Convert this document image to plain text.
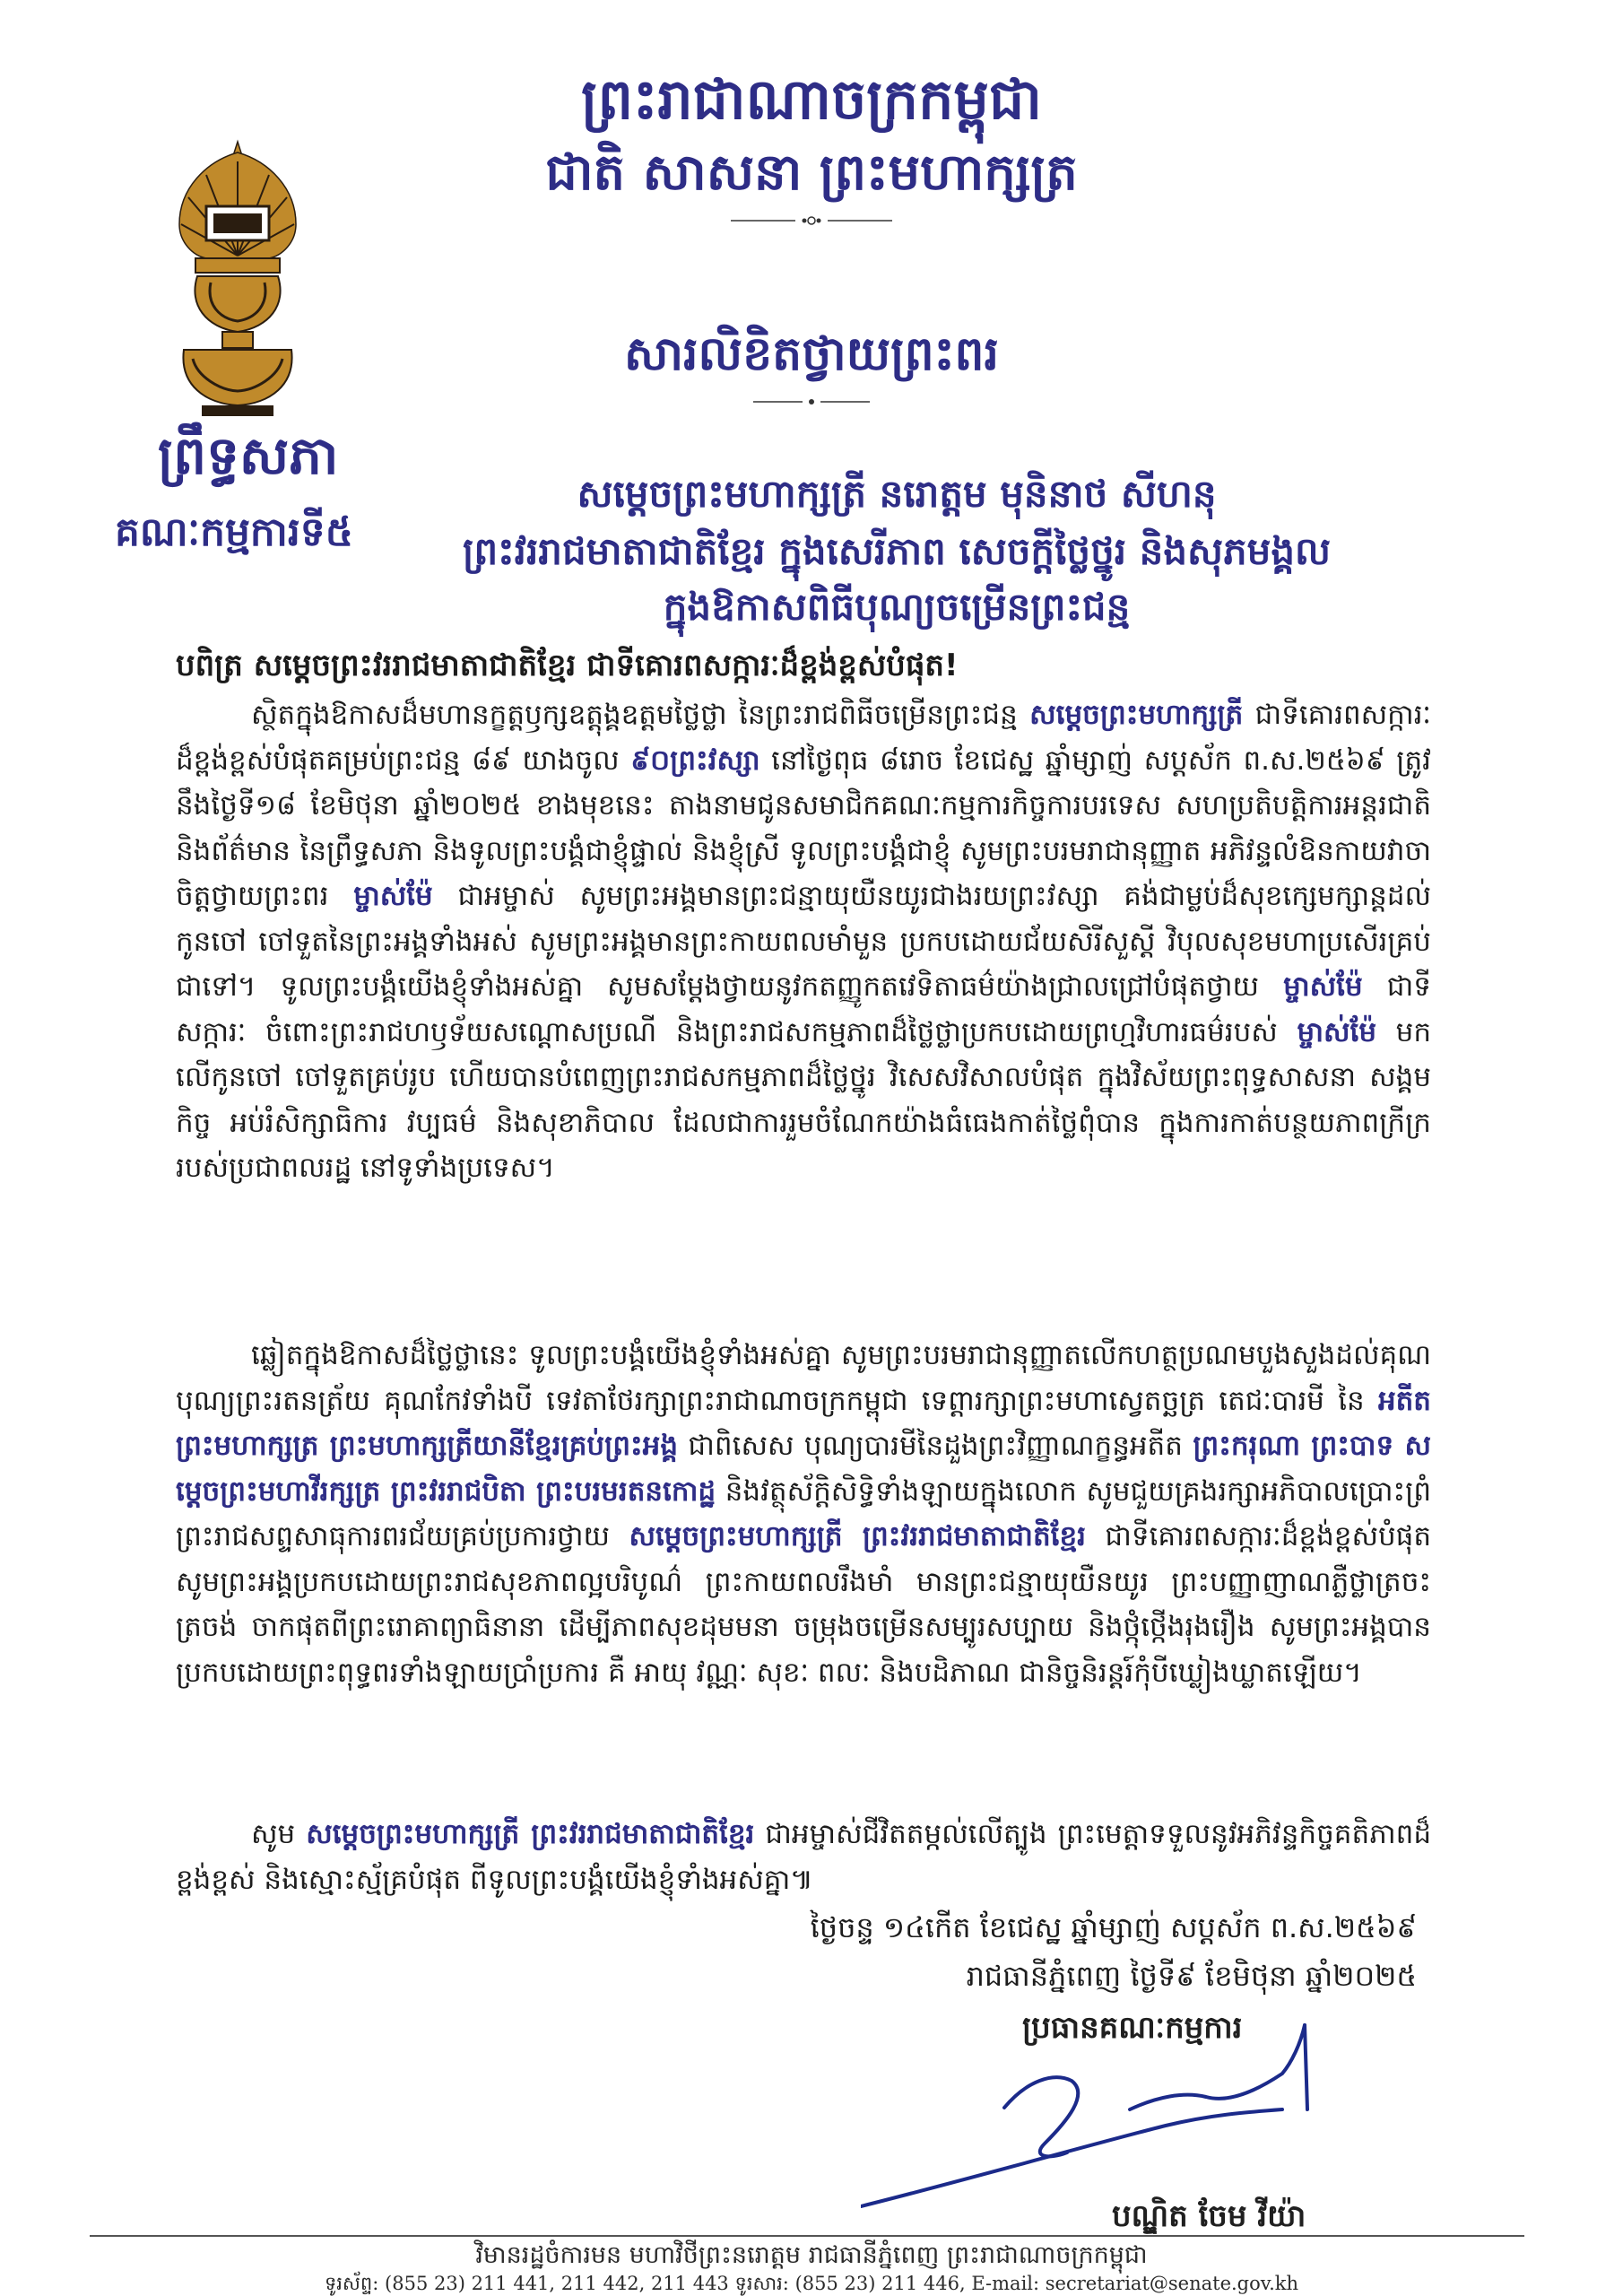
ព្រះរាជាណាចក្រកម្ពុជា
ជាតិ សាសនា ព្រះមហាក្សត្រ
ព្រឹទ្ធសភា
គណៈកម្មការទី៥
សារលិខិតថ្វាយព្រះពរ
សម្តេចព្រះមហាក្សត្រី នរោត្តម មុនិនាថ សីហនុ
ព្រះវររាជមាតាជាតិខ្មែរ ក្នុងសេរីភាព សេចក្តីថ្លៃថ្នូរ និងសុភមង្គល
ក្នុងឱកាសពិធីបុណ្យចម្រើនព្រះជន្ម
បពិត្រ សម្តេចព្រះវររាជមាតាជាតិខ្មែរ ជាទីគោរពសក្ការៈដ៏ខ្ពង់ខ្ពស់បំផុត!
ស្ថិតក្នុងឱកាសដ៏មហានក្ខត្តឫក្សឧត្តុង្គឧត្តមថ្លៃថ្លា នៃព្រះរាជពិធីចម្រើនព្រះជន្ម សម្តេចព្រះមហាក្សត្រី ជាទីគោរពសក្ការៈដ៏ខ្ពង់ខ្ពស់បំផុតគម្រប់ព្រះជន្ម ៨៩ យាងចូល ៩០ព្រះវស្សា នៅថ្ងៃពុធ ៨រោច ខែជេស្ឋ ឆ្នាំម្សាញ់ សប្តស័ក ព.ស.២៥៦៩ ត្រូវនឹងថ្ងៃទី១៨ ខែមិថុនា ឆ្នាំ២០២៥ ខាងមុខនេះ តាងនាមជូនសមាជិកគណៈកម្មការកិច្ចការបរទេស សហប្រតិបត្តិការអន្តរជាតិ និងព័ត៌មាន នៃព្រឹទ្ធសភា និងទូលព្រះបង្គំជាខ្ញុំផ្ទាល់ និងខ្ញុំស្រី ទូលព្រះបង្គំជាខ្ញុំ សូមព្រះបរមរាជានុញ្ញាត អភិវន្ទលំឱនកាយវាចាចិត្តថ្វាយព្រះពរ ម្ចាស់ម៉ែ ជាអម្ចាស់ សូមព្រះអង្គមានព្រះជន្មាយុយឺនយូរជាងរយព្រះវស្សា គង់ជាម្លប់ដ៏សុខក្សេមក្សាន្តដល់កូនចៅ ចៅទួតនៃព្រះអង្គទាំងអស់ សូមព្រះអង្គមានព្រះកាយពលមាំមួន ប្រកបដោយជ័យសិរីសួស្តី វិបុលសុខមហាប្រសើរគ្រប់ជាទៅ។ ទូលព្រះបង្គំយើងខ្ញុំទាំងអស់គ្នា សូមសម្តែងថ្វាយនូវកតញ្ញូកតវេទិតាធម៌យ៉ាងជ្រាលជ្រៅបំផុតថ្វាយ ម្ចាស់ម៉ែ ជាទីសក្ការៈ ចំពោះព្រះរាជហឫទ័យសណ្តោសប្រណី និងព្រះរាជសកម្មភាពដ៏ថ្លៃថ្លាប្រកបដោយព្រហ្មវិហារធម៌របស់ ម្ចាស់ម៉ែ មកលើកូនចៅ ចៅទួតគ្រប់រូប ហើយបានបំពេញព្រះរាជសកម្មភាពដ៏ថ្លៃថ្នូរ វិសេសវិសាលបំផុត ក្នុងវិស័យព្រះពុទ្ធសាសនា សង្គមកិច្ច អប់រំសិក្សាធិការ វប្បធម៌ និងសុខាភិបាល ដែលជាការរួមចំណែកយ៉ាងធំធេងកាត់ថ្លៃពុំបាន ក្នុងការកាត់បន្ថយភាពក្រីក្ររបស់ប្រជាពលរដ្ឋ នៅទូទាំងប្រទេស។
ឆ្លៀតក្នុងឱកាសដ៏ថ្លៃថ្លានេះ ទូលព្រះបង្គំយើងខ្ញុំទាំងអស់គ្នា សូមព្រះបរមរាជានុញ្ញាតលើកហត្ថប្រណមបួងសួងដល់គុណបុណ្យព្រះរតនត្រ័យ គុណកែវទាំងបី ទេវតាថែរក្សាព្រះរាជាណាចក្រកម្ពុជា ទេព្តារក្សាព្រះមហាស្វេតច្ឆត្រ តេជៈបារមី នៃ អតីតព្រះមហាក្សត្រ ព្រះមហាក្សត្រីយានីខ្មែរគ្រប់ព្រះអង្គ ជាពិសេស បុណ្យបារមីនៃដួងព្រះវិញ្ញាណក្ខន្ធអតីត ព្រះករុណា ព្រះបាទ សម្តេចព្រះមហាវីរក្សត្រ ព្រះវររាជបិតា ព្រះបរមរតនកោដ្ឋ និងវត្ថុស័ក្តិសិទ្ធិទាំងឡាយក្នុងលោក សូមជួយគ្រងរក្សាអភិបាលប្រោះព្រំព្រះរាជសព្ទសាធុការពរជ័យគ្រប់ប្រការថ្វាយ សម្តេចព្រះមហាក្សត្រី ព្រះវររាជមាតាជាតិខ្មែរ ជាទីគោរពសក្ការៈដ៏ខ្ពង់ខ្ពស់បំផុត សូមព្រះអង្គប្រកបដោយព្រះរាជសុខភាពល្អបរិបូណ៌ ព្រះកាយពលរឹងមាំ មានព្រះជន្មាយុយឺនយូរ ព្រះបញ្ញាញាណភ្លឺថ្លាត្រចះត្រចង់ ចាកផុតពីព្រះរោគាព្យាធិនានា ដើម្បីភាពសុខដុមមនា ចម្រុងចម្រើនសម្បូរសប្បាយ និងថ្កុំថ្កើងរុងរឿង សូមព្រះអង្គបានប្រកបដោយព្រះពុទ្ធពរទាំងឡាយប្រាំប្រការ គឺ អាយុ វណ្ណៈ សុខៈ ពលៈ និងបដិភាណ ជានិច្ចនិរន្តរ៍កុំបីឃ្លៀងឃ្លាតឡើយ។
សូម សម្តេចព្រះមហាក្សត្រី ព្រះវររាជមាតាជាតិខ្មែរ ជាអម្ចាស់ជីវិតតម្កល់លើត្បូង ព្រះមេត្តាទទួលនូវអភិវន្ទកិច្ចគតិភាពដ៏ខ្ពង់ខ្ពស់ និងស្មោះស្ម័គ្របំផុត ពីទូលព្រះបង្គំយើងខ្ញុំទាំងអស់គ្នា៕
ថ្ងៃចន្ទ ១៤កើត ខែជេស្ឋ ឆ្នាំម្សាញ់ សប្តស័ក ព.ស.២៥៦៩
រាជធានីភ្នំពេញ ថ្ងៃទី៩ ខែមិថុនា ឆ្នាំ២០២៥
ប្រធានគណៈកម្មការ
បណ្ឌិត ចែម វីយ៉ា
វិមានរដ្ឋចំការមន មហាវិថីព្រះនរោត្តម រាជធានីភ្នំពេញ ព្រះរាជាណាចក្រកម្ពុជា
ទូរស័ព្ទ: (855 23) 211 441, 211 442, 211 443 ទូរសារ: (855 23) 211 446, E-mail: secretariat@senate.gov.kh
